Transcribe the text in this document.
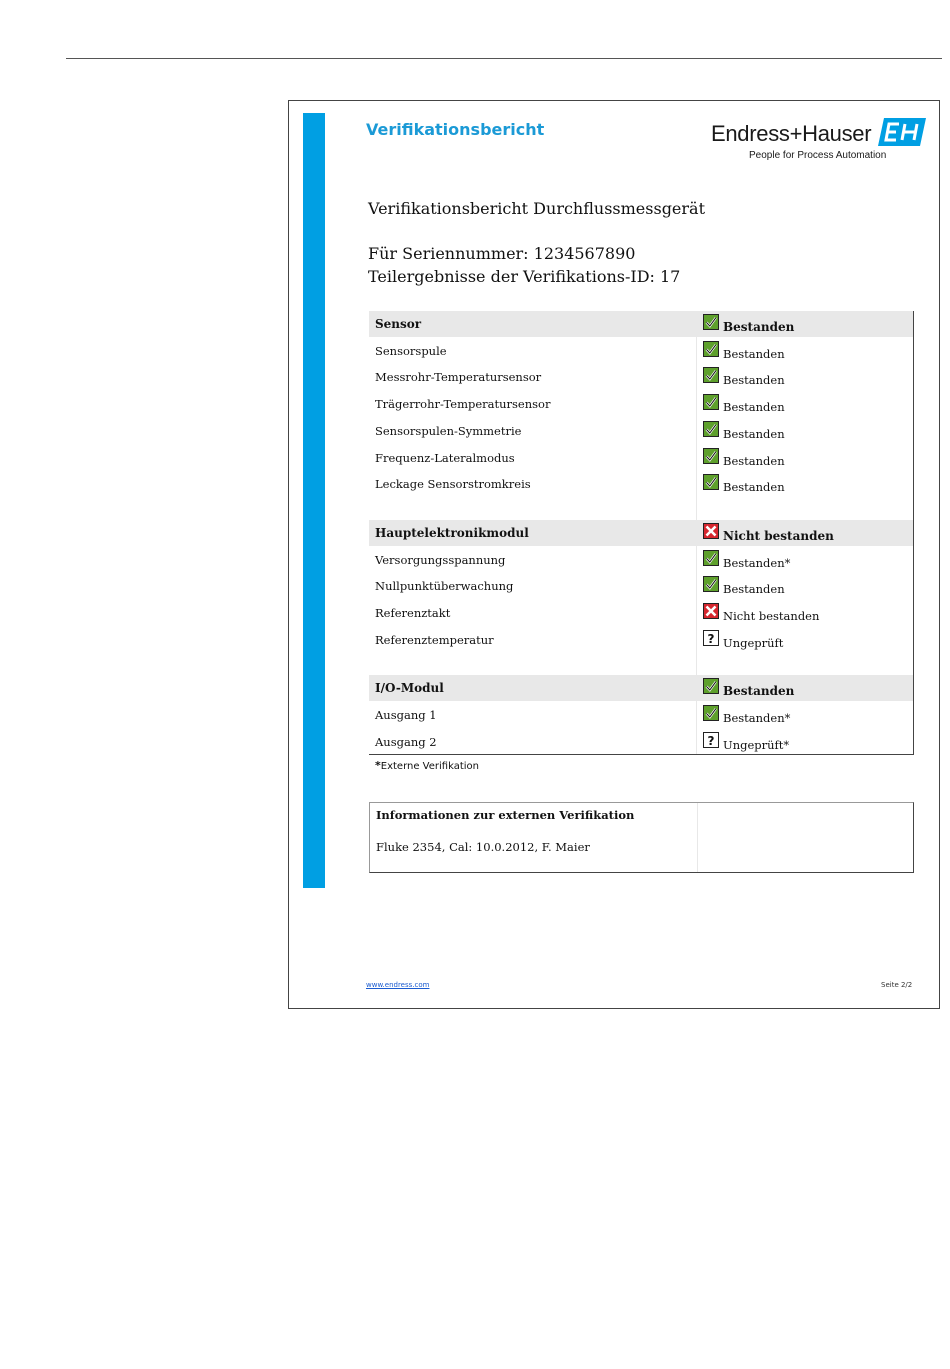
Verifikationsbericht	Endress+Hauser
People for Process Automation
Verifikationsbericht Durchflussmessgerät
Für Seriennummer: 1234567890
Teilergebnisse der Verifikations-ID: 17
Sensor	Bestanden
Sensorspule	Bestanden
Messrohr-Temperatursensor	Bestanden
Trägerrohr-Temperatursensor	Bestanden
Sensorspulen-Symmetrie	Bestanden
Frequenz-Lateralmodus	Bestanden
Leckage Sensorstromkreis	Bestanden
Hauptelektronikmodul	Nicht bestanden
Versorgungsspannung	Bestanden*
Nullpunktüberwachung	Bestanden
Referenztakt	Nicht bestanden
Referenztemperatur	? Ungeprüft
I/O-Modul	Bestanden
Ausgang 1	Bestanden*
Ausgang 2	? Ungeprüft*
*Externe Verifikation
Informationen zur externen Verifikation
Fluke 2354, Cal: 10.0.2012, F. Maier
www.endress.com	Seite 2/2
